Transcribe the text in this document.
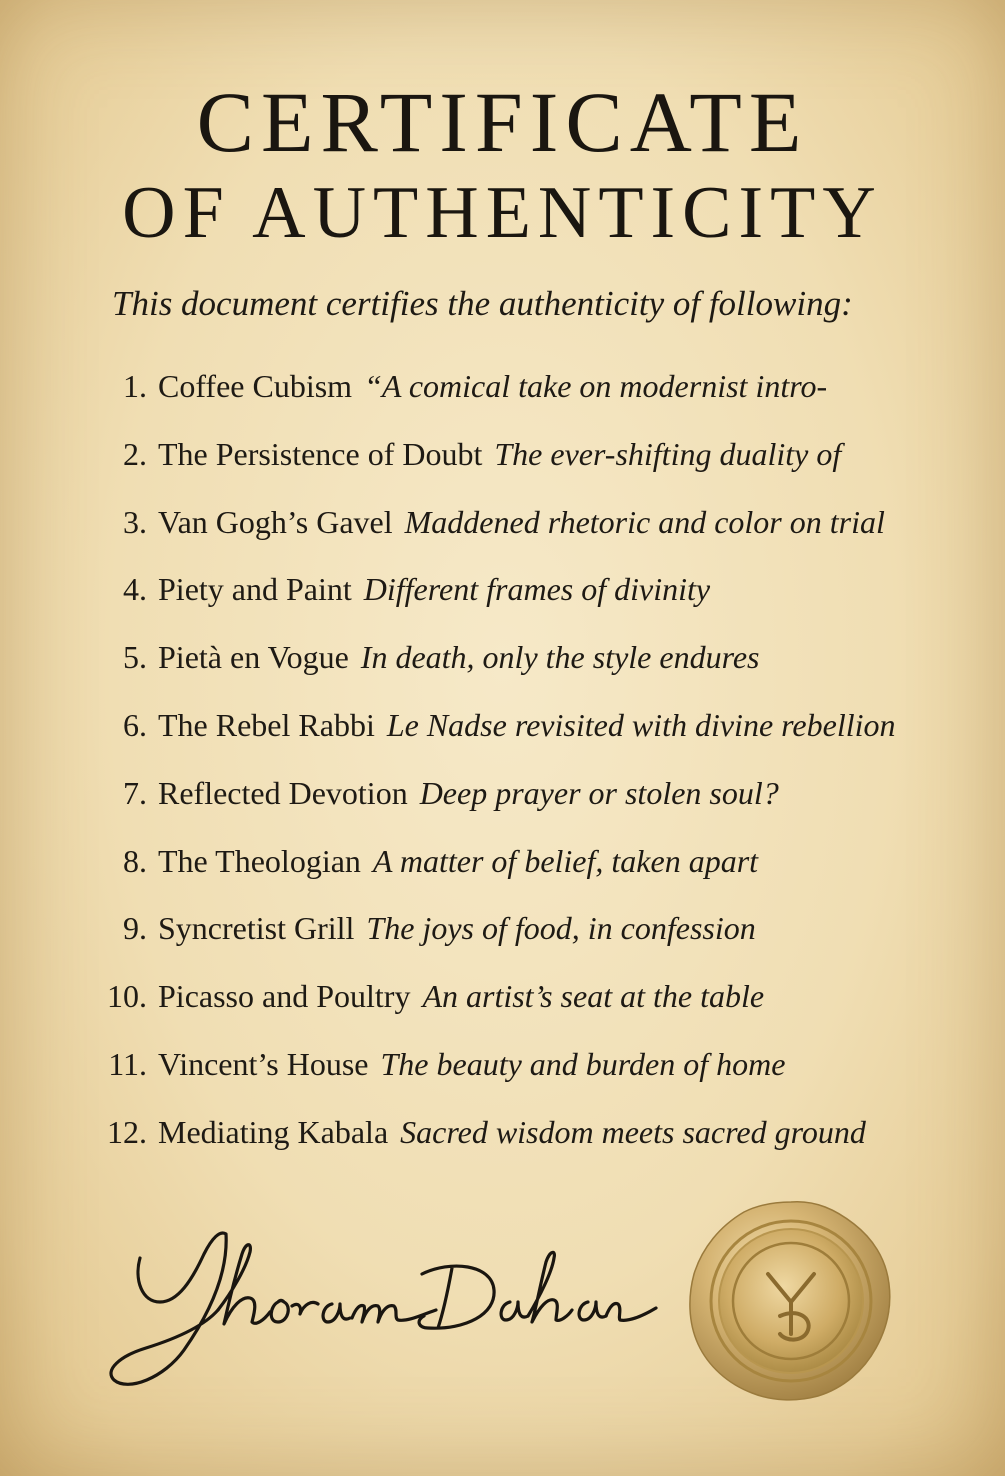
CERTIFICATE
OF AUTHENTICITY

This document certifies the authenticity of following:

1. Coffee Cubism “A comical take on modernist intro-
2. The Persistence of Doubt The ever-shifting duality of
3. Van Gogh’s Gavel Maddened rhetoric and color on trial
4. Piety and Paint Different frames of divinity
5. Pietà en Vogue In death, only the style endures
6. The Rebel Rabbi Le Nadse revisited with divine rebellion
7. Reflected Devotion Deep prayer or stolen soul?
8. The Theologian A matter of belief, taken apart
9. Syncretist Grill The joys of food, in confession
10. Picasso and Poultry An artist’s seat at the table
11. Vincent’s House The beauty and burden of home
12. Mediating Kabala Sacred wisdom meets sacred ground
